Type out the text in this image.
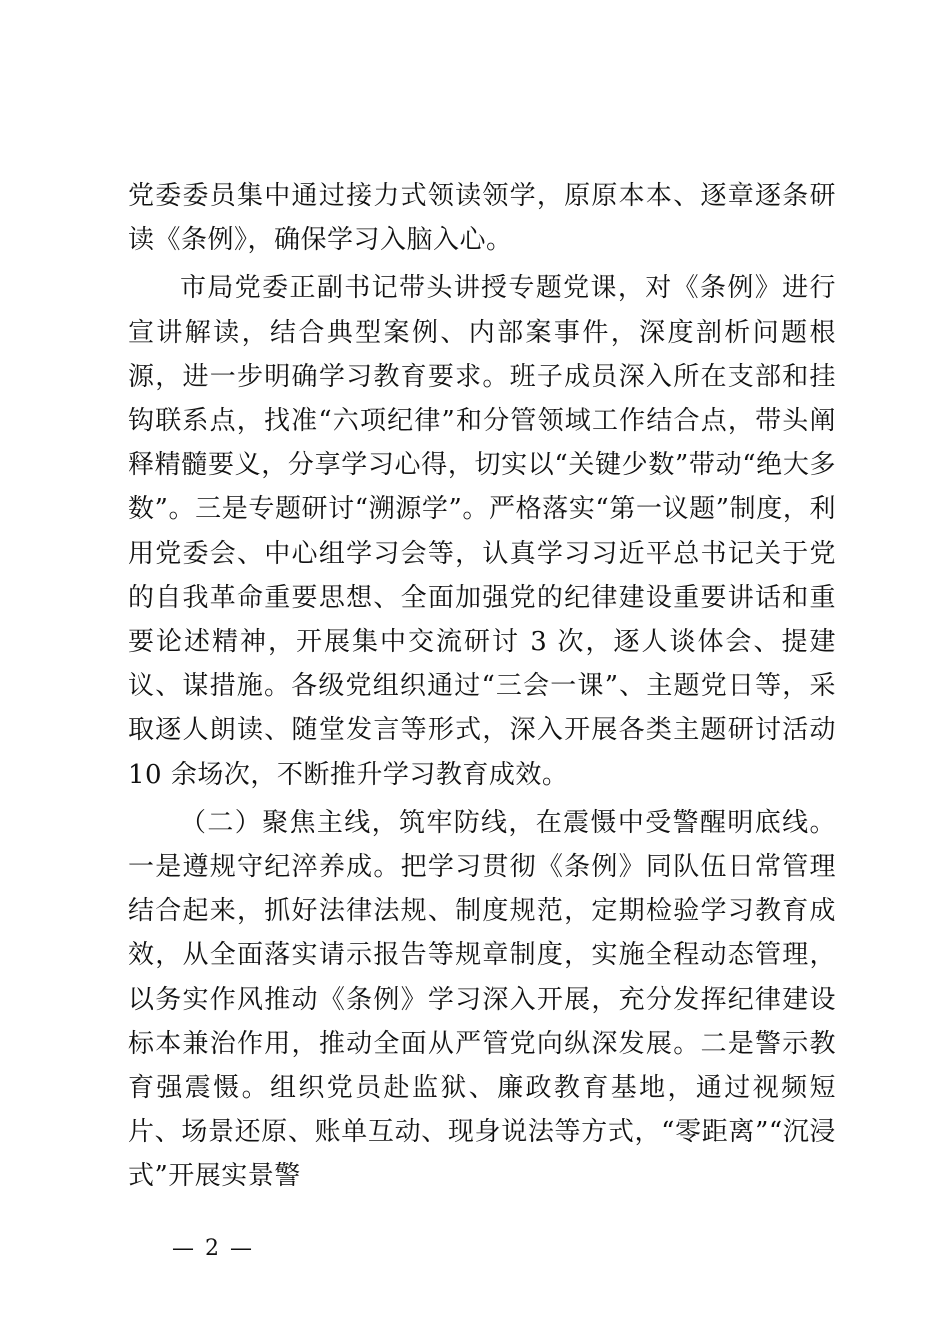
党委委员集中通过接力式领读领学，原原本本、逐章逐条研读《条例》，确保学习入脑入心。

市局党委正副书记带头讲授专题党课，对《条例》进行宣讲解读，结合典型案例、内部案事件，深度剖析问题根源，进一步明确学习教育要求。班子成员深入所在支部和挂钩联系点，找准“六项纪律”和分管领域工作结合点，带头阐释精髓要义，分享学习心得，切实以“关键少数”带动“绝大多数”。三是专题研讨“溯源学”。严格落实“第一议题”制度，利用党委会、中心组学习会等，认真学习习近平总书记关于党的自我革命重要思想、全面加强党的纪律建设重要讲话和重要论述精神，开展集中交流研讨 3 次，逐人谈体会、提建议、谋措施。各级党组织通过“三会一课”、主题党日等，采取逐人朗读、随堂发言等形式，深入开展各类主题研讨活动 10 余场次，不断推升学习教育成效。

（二）聚焦主线，筑牢防线，在震慑中受警醒明底线。一是遵规守纪淬养成。把学习贯彻《条例》同队伍日常管理结合起来，抓好法律法规、制度规范，定期检验学习教育成效，从全面落实请示报告等规章制度，实施全程动态管理，以务实作风推动《条例》学习深入开展，充分发挥纪律建设标本兼治作用，推动全面从严管党向纵深发展。二是警示教育强震慑。组织党员赴监狱、廉政教育基地，通过视频短片、场景还原、账单互动、现身说法等方式，“零距离”“沉浸式”开展实景警

— 2 —
